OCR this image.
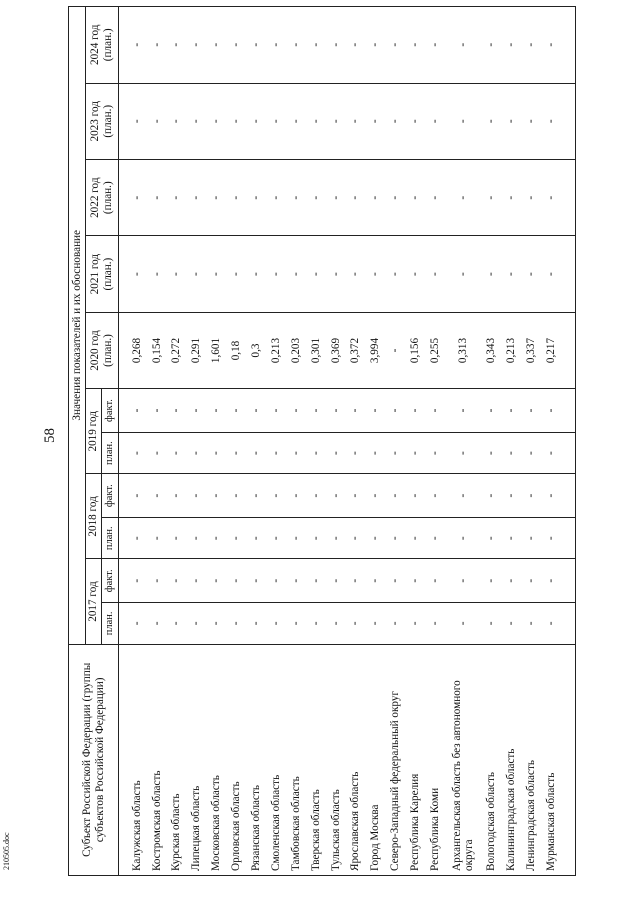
58
210505.doc	Субъект Российской Федерации (группы субъектов Российской Федерации)	Значения показателей и их обоснование										
	2017 год		2018 год		2019 год		2020 год (план.)	2021 год (план.)	2022 год (план.)	2023 год (план.)	2024 год (план.)
	план.	факт.	план.	факт.	план.	факт.					

Калужская область	-	-	-	-	-	-	0,268	-	-	-	-
Костромская область	-	-	-	-	-	-	0,154	-	-	-	-
Курская область	-	-	-	-	-	-	0,272	-	-	-	-
Липецкая область	-	-	-	-	-	-	0,291	-	-	-	-
Московская область	-	-	-	-	-	-	1,601	-	-	-	-
Орловская область	-	-	-	-	-	-	0,18	-	-	-	-
Рязанская область	-	-	-	-	-	-	0,3	-	-	-	-
Смоленская область	-	-	-	-	-	-	0,213	-	-	-	-
Тамбовская область	-	-	-	-	-	-	0,203	-	-	-	-
Тверская область	-	-	-	-	-	-	0,301	-	-	-	-
Тульская область	-	-	-	-	-	-	0,369	-	-	-	-
Ярославская область	-	-	-	-	-	-	0,372	-	-	-	-
Город Москва	-	-	-	-	-	-	3,994	-	-	-	-
Северо-Западный федеральный округ	-	-	-	-	-	-	-	-	-	-	-
Республика Карелия	-	-	-	-	-	-	0,156	-	-	-	-
Республика Коми	-	-	-	-	-	-	0,255	-	-	-	-
Архангельская область без автономного округа	-	-	-	-	-	-	0,313	-	-	-	-
Вологодская область	-	-	-	-	-	-	0,343	-	-	-	-
Калининградская область	-	-	-	-	-	-	0,213	-	-	-	-
Ленинградская область	-	-	-	-	-	-	0,337	-	-	-	-
Мурманская область	-	-	-	-	-	-	0,217	-	-	-	-
